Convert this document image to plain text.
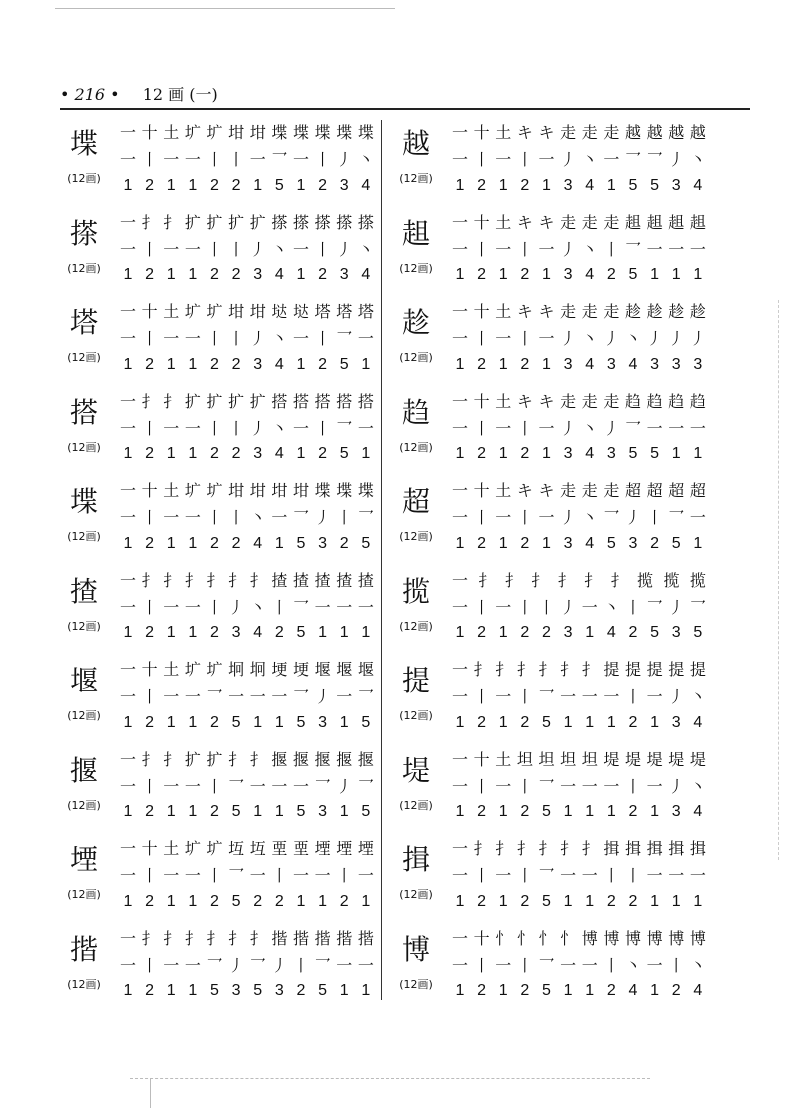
• 216 • 12 画 (一)
堞
(12画)
一 十 土 圹 圹 坩 坩 堞 堞 堞 堞 堞
一 丨 一 一 丨 丨 一 乛 一 丨 丿 丶
1 2 1 1 2 2 1 5 1 2 3 4
搽
(12画)
一 扌 扌 扩 扩 扩 扩 搽 搽 搽 搽 搽
一 丨 一 一 丨 丨 丿 丶 一 丨 丿 丶
1 2 1 1 2 2 3 4 1 2 3 4
塔
(12画)
一 十 土 圹 圹 坩 坩 垯 垯 塔 塔 塔
一 丨 一 一 丨 丨 丿 丶 一 丨 乛 一
1 2 1 1 2 2 3 4 1 2 5 1
搭
(12画)
一 扌 扌 扩 扩 扩 扩 搭 搭 搭 搭 搭
一 丨 一 一 丨 丨 丿 丶 一 丨 乛 一
1 2 1 1 2 2 3 4 1 2 5 1
堞
(12画)
一 十 土 圹 圹 坩 坩 坩 坩 堞 堞 堞
一 丨 一 一 丨 丨 丶 一 乛 丿 丨 乛
1 2 1 1 2 2 4 1 5 3 2 5
揸
(12画)
一 扌 扌 扌 扌 扌 扌 揸 揸 揸 揸 揸
一 丨 一 一 丨 丿 丶 丨 乛 一 一 一
1 2 1 1 2 3 4 2 5 1 1 1
堰
(12画)
一 十 土 圹 圹 坰 坰 埂 埂 堰 堰 堰
一 丨 一 一 乛 一 一 一 乛 丿 一 乛
1 2 1 1 2 5 1 1 5 3 1 5
揠
(12画)
一 扌 扌 扩 扩 扌 扌 揠 揠 揠 揠 揠
一 丨 一 一 丨 乛 一 一 一 乛 丿 乛
1 2 1 1 2 5 1 1 5 3 1 5
堙
(12画)
一 十 土 圹 圹 坘 坘 垔 垔 堙 堙 堙
一 丨 一 一 丨 乛 一 丨 一 一 丨 一
1 2 1 1 2 5 2 2 1 1 2 1
揩
(12画)
一 扌 扌 扌 扌 扌 扌 揩 揩 揩 揩 揩
一 丨 一 一 乛 丿 乛 丿 丨 乛 一 一
1 2 1 1 5 3 5 3 2 5 1 1
越
(12画)
一 十 土 キ キ 走 走 走 越 越 越 越
一 丨 一 丨 一 丿 丶 一 乛 乛 丿 丶
1 2 1 2 1 3 4 1 5 5 3 4
趄
(12画)
一 十 土 キ キ 走 走 走 趄 趄 趄 趄
一 丨 一 丨 一 丿 丶 丨 乛 一 一 一
1 2 1 2 1 3 4 2 5 1 1 1
趁
(12画)
一 十 土 キ キ 走 走 走 趁 趁 趁 趁
一 丨 一 丨 一 丿 丶 丿 丶 丿 丿 丿
1 2 1 2 1 3 4 3 4 3 3 3
趋
(12画)
一 十 土 キ キ 走 走 走 趋 趋 趋 趋
一 丨 一 丨 一 丿 丶 丿 乛 一 一 一
1 2 1 2 1 3 4 3 5 5 1 1
超
(12画)
一 十 土 キ キ 走 走 走 超 超 超 超
一 丨 一 丨 一 丿 丶 乛 丿 丨 乛 一
1 2 1 2 1 3 4 5 3 2 5 1
揽
(12画)
一 扌 扌 扌 扌 扌 扌 揽 揽 揽
一 丨 一 丨 丨 丿 一 丶 丨 乛 丿 乛
1 2 1 2 2 3 1 4 2 5 3 5
提
(12画)
一 扌 扌 扌 扌 扌 扌 提 提 提 提 提
一 丨 一 丨 乛 一 一 一 丨 一 丿 丶
1 2 1 2 5 1 1 1 2 1 3 4
堤
(12画)
一 十 土 坦 坦 坦 坦 堤 堤 堤 堤 堤
一 丨 一 丨 乛 一 一 一 丨 一 丿 丶
1 2 1 2 5 1 1 1 2 1 3 4
揖
(12画)
一 扌 扌 扌 扌 扌 扌 揖 揖 揖 揖 揖
一 丨 一 丨 乛 一 一 丨 丨 一 一 一
1 2 1 2 5 1 1 2 2 1 1 1
博
(12画)
一 十 忄 忄 忄 忄 博 博 博 博 博 博
一 丨 一 丨 乛 一 一 丨 丶 一 丨 丶
1 2 1 2 5 1 1 2 4 1 2 4
